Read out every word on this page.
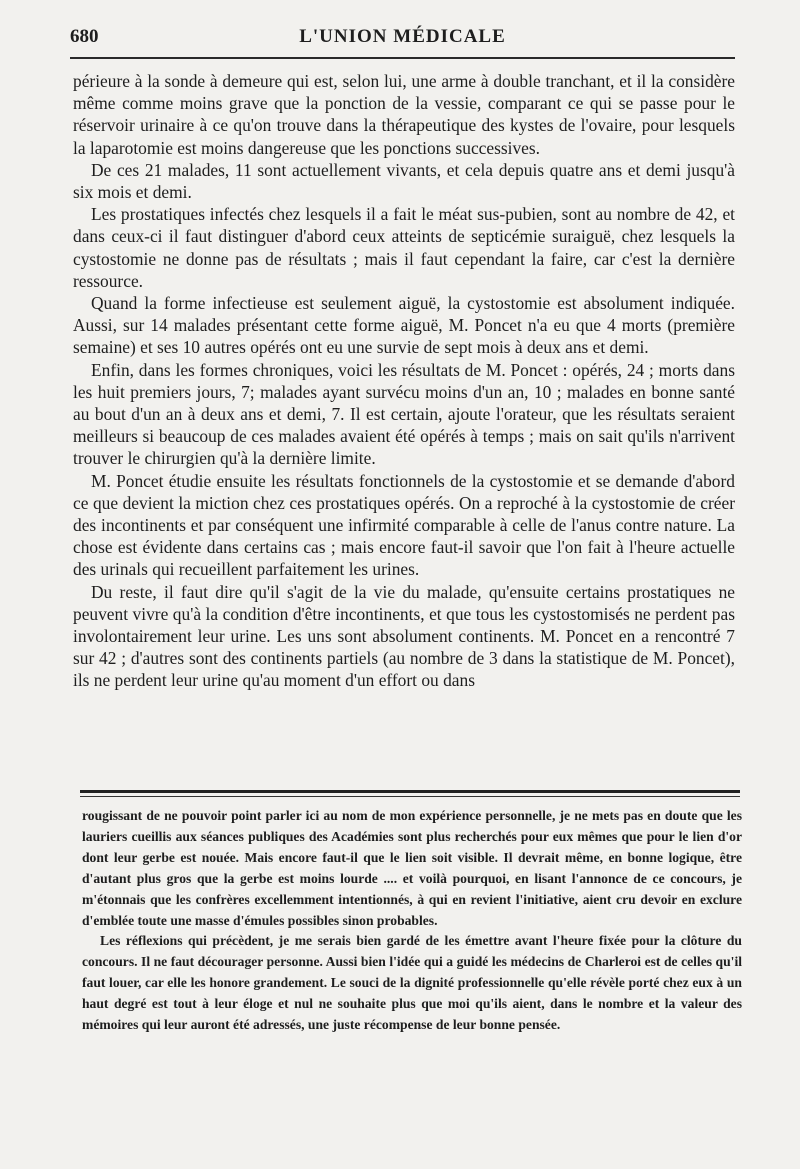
680	L'UNION MÉDICALE

périeure à la sonde à demeure qui est, selon lui, une arme à double tranchant, et il la considère même comme moins grave que la ponction de la vessie, comparant ce qui se passe pour le réservoir urinaire à ce qu'on trouve dans la thérapeutique des kystes de l'ovaire, pour lesquels la laparotomie est moins dangereuse que les ponctions successives.

De ces 21 malades, 11 sont actuellement vivants, et cela depuis quatre ans et demi jusqu'à six mois et demi.

Les prostatiques infectés chez lesquels il a fait le méat sus-pubien, sont au nombre de 42, et dans ceux-ci il faut distinguer d'abord ceux atteints de septicémie suraiguë, chez lesquels la cystostomie ne donne pas de résultats ; mais il faut cependant la faire, car c'est la dernière ressource.

Quand la forme infectieuse est seulement aiguë, la cystostomie est absolument indiquée. Aussi, sur 14 malades présentant cette forme aiguë, M. Poncet n'a eu que 4 morts (première semaine) et ses 10 autres opérés ont eu une survie de sept mois à deux ans et demi.

Enfin, dans les formes chroniques, voici les résultats de M. Poncet : opérés, 24 ; morts dans les huit premiers jours, 7; malades ayant survécu moins d'un an, 10 ; malades en bonne santé au bout d'un an à deux ans et demi, 7. Il est certain, ajoute l'orateur, que les résultats seraient meilleurs si beaucoup de ces malades avaient été opérés à temps ; mais on sait qu'ils n'arrivent trouver le chirurgien qu'à la dernière limite.

M. Poncet étudie ensuite les résultats fonctionnels de la cystostomie et se demande d'abord ce que devient la miction chez ces prostatiques opérés. On a reproché à la cystostomie de créer des incontinents et par conséquent une infirmité comparable à celle de l'anus contre nature. La chose est évidente dans certains cas ; mais encore faut-il savoir que l'on fait à l'heure actuelle des urinals qui recueillent parfaitement les urines.

Du reste, il faut dire qu'il s'agit de la vie du malade, qu'ensuite certains prostatiques ne peuvent vivre qu'à la condition d'être incontinents, et que tous les cystostomisés ne perdent pas involontairement leur urine. Les uns sont absolument continents. M. Poncet en a rencontré 7 sur 42 ; d'autres sont des continents partiels (au nombre de 3 dans la statistique de M. Poncet), ils ne perdent leur urine qu'au moment d'un effort ou dans

rougissant de ne pouvoir point parler ici au nom de mon expérience personnelle, je ne mets pas en doute que les lauriers cueillis aux séances publiques des Académies sont plus recherchés pour eux mêmes que pour le lien d'or dont leur gerbe est nouée. Mais encore faut-il que le lien soit visible. Il devrait même, en bonne logique, être d'autant plus gros que la gerbe est moins lourde .... et voilà pourquoi, en lisant l'annonce de ce concours, je m'étonnais que les confrères excellemment intentionnés, à qui en revient l'initiative, aient cru devoir en exclure d'emblée toute une masse d'émules possibles sinon probables.

Les réflexions qui précèdent, je me serais bien gardé de les émettre avant l'heure fixée pour la clôture du concours. Il ne faut décourager personne. Aussi bien l'idée qui a guidé les médecins de Charleroi est de celles qu'il faut louer, car elle les honore grandement. Le souci de la dignité professionnelle qu'elle révèle porté chez eux à un haut degré est tout à leur éloge et nul ne souhaite plus que moi qu'ils aient, dans le nombre et la valeur des mémoires qui leur auront été adressés, une juste récompense de leur bonne pensée.
